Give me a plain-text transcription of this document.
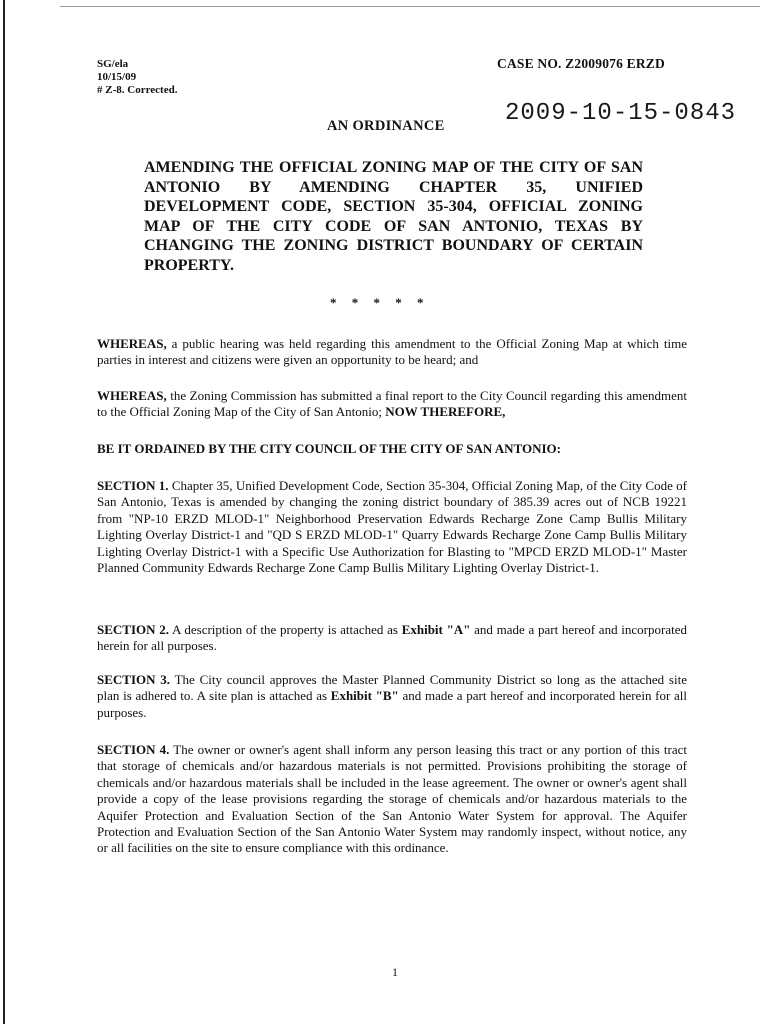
SG/ela
10/15/09
# Z-8. Corrected.
CASE NO. Z2009076 ERZD
2009-10-15-0843
AN ORDINANCE
AMENDING THE OFFICIAL ZONING MAP OF THE CITY OF SAN ANTONIO BY AMENDING CHAPTER 35, UNIFIED DEVELOPMENT CODE, SECTION 35-304, OFFICIAL ZONING MAP OF THE CITY CODE OF SAN ANTONIO, TEXAS BY CHANGING THE ZONING DISTRICT BOUNDARY OF CERTAIN PROPERTY.
* * * * *

WHEREAS, a public hearing was held regarding this amendment to the Official Zoning Map at which time parties in interest and citizens were given an opportunity to be heard; and

WHEREAS, the Zoning Commission has submitted a final report to the City Council regarding this amendment to the Official Zoning Map of the City of San Antonio; NOW THEREFORE,

BE IT ORDAINED BY THE CITY COUNCIL OF THE CITY OF SAN ANTONIO:

SECTION 1. Chapter 35, Unified Development Code, Section 35-304, Official Zoning Map, of the City Code of San Antonio, Texas is amended by changing the zoning district boundary of 385.39 acres out of NCB 19221 from "NP-10 ERZD MLOD-1" Neighborhood Preservation Edwards Recharge Zone Camp Bullis Military Lighting Overlay District-1 and "QD S ERZD MLOD-1" Quarry Edwards Recharge Zone Camp Bullis Military Lighting Overlay District-1 with a Specific Use Authorization for Blasting to "MPCD ERZD MLOD-1" Master Planned Community Edwards Recharge Zone Camp Bullis Military Lighting Overlay District-1.

SECTION 2. A description of the property is attached as Exhibit "A" and made a part hereof and incorporated herein for all purposes.

SECTION 3. The City council approves the Master Planned Community District so long as the attached site plan is adhered to. A site plan is attached as Exhibit "B" and made a part hereof and incorporated herein for all purposes.

SECTION 4. The owner or owner's agent shall inform any person leasing this tract or any portion of this tract that storage of chemicals and/or hazardous materials is not permitted. Provisions prohibiting the storage of chemicals and/or hazardous materials shall be included in the lease agreement. The owner or owner's agent shall provide a copy of the lease provisions regarding the storage of chemicals and/or hazardous materials to the Aquifer Protection and Evaluation Section of the San Antonio Water System for approval. The Aquifer Protection and Evaluation Section of the San Antonio Water System may randomly inspect, without notice, any or all facilities on the site to ensure compliance with this ordinance.

1
